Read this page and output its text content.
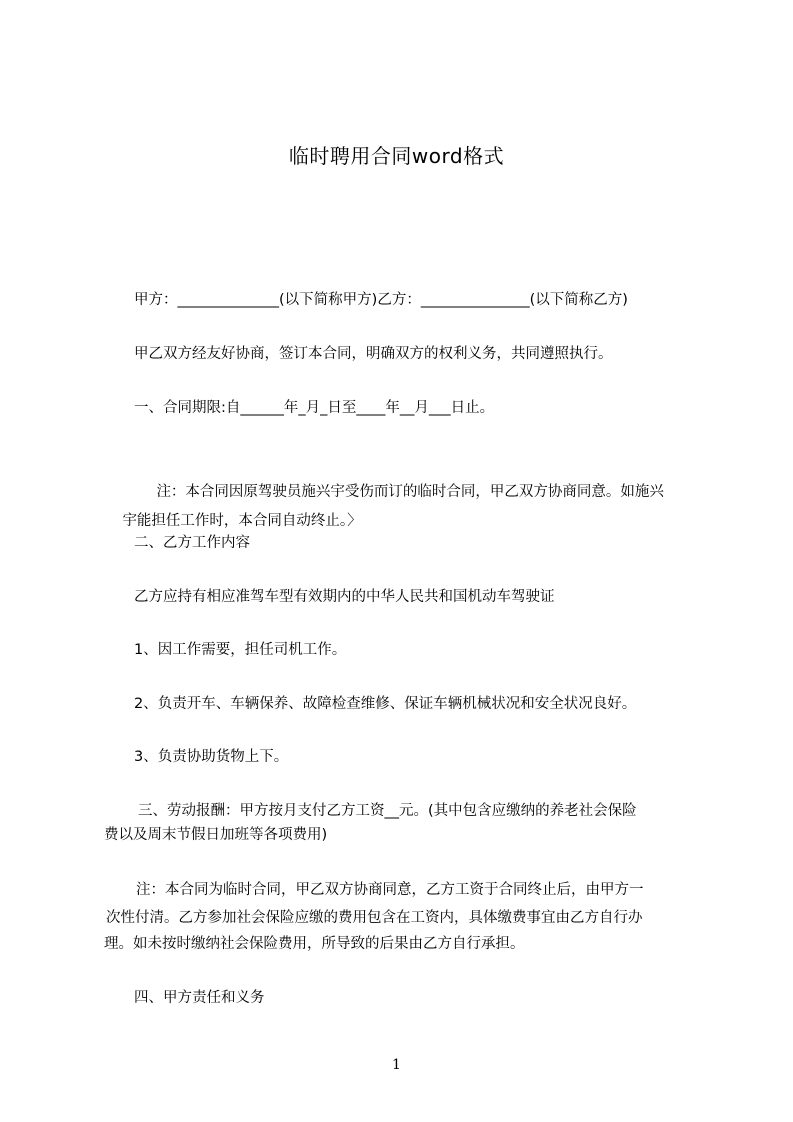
临时聘用合同word格式
甲方：______________(以下简称甲方)乙方：_______________(以下简称乙方)
甲乙双方经友好协商，签订本合同，明确双方的权利义务，共同遵照执行。
一、合同期限:自______年_月_日至____年__月___日止。

注：本合同因原驾驶员施兴宇受伤而订的临时合同，甲乙双方协商同意。如施兴

宇能担任工作时，本合同自动终止。〉

二、乙方工作内容
乙方应持有相应准驾车型有效期内的中华人民共和国机动车驾驶证
1、因工作需要，担任司机工作。
2、负责开车、车辆保养、故障检查维修、保证车辆机械状况和安全状况良好。
3、负责协助货物上下。
三、劳动报酬：甲方按月支付乙方工资__元。(其中包含应缴纳的养老社会保险
费以及周末节假日加班等各项费用)
注：本合同为临时合同，甲乙双方协商同意，乙方工资于合同终止后，由甲方一
次性付清。乙方参加社会保险应缴的费用包含在工资内，具体缴费事宜由乙方自行办
理。如未按时缴纳社会保险费用，所导致的后果由乙方自行承担。
四、甲方责任和义务
1
